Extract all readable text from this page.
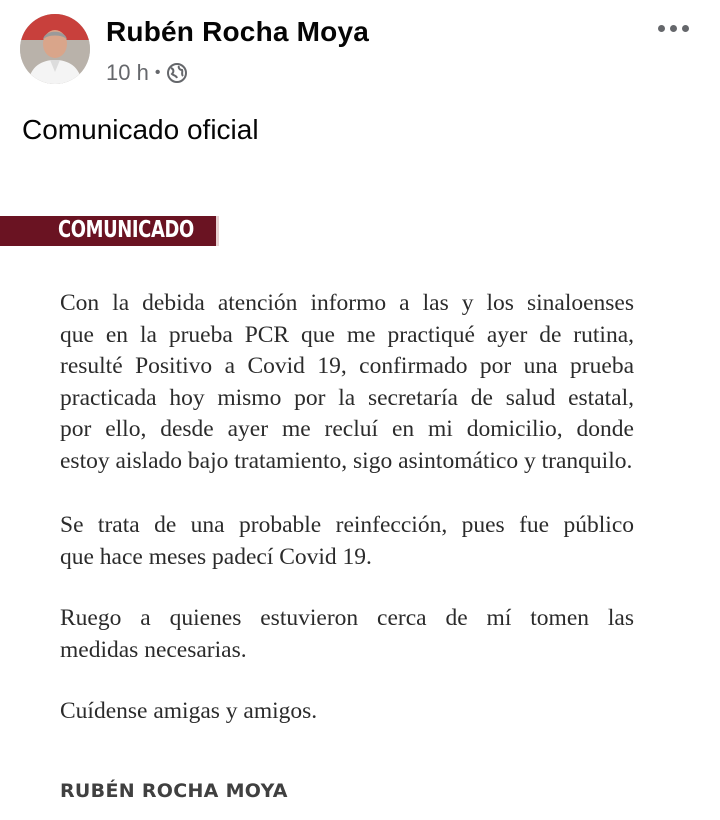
Rubén Rocha Moya
10 h •
Comunicado oficial
COMUNICADO

Con la debida atención informo a las y los sinaloenses
que en la prueba PCR que me practiqué ayer de rutina,
resulté Positivo a Covid 19, confirmado por una prueba
practicada hoy mismo por la secretaría de salud estatal,
por ello, desde ayer me recluí en mi domicilio, donde
estoy aislado bajo tratamiento, sigo asintomático y tranquilo.

Se trata de una probable reinfección, pues fue público
que hace meses padecí Covid 19.

Ruego a quienes estuvieron cerca de mí tomen las
medidas necesarias.

Cuídense amigas y amigos.

RUBÉN ROCHA MOYA
